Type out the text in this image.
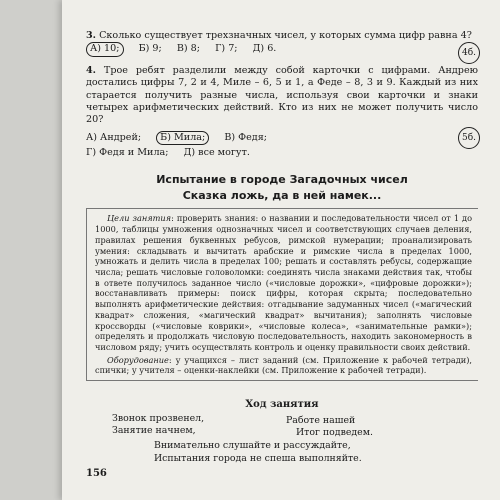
3. Сколько существует трехзначных чисел, у которых сумма цифр равна 4?

А) 10; Б) 9; В) 8; Г) 7; Д) 6.	4б.

4. Трое ребят разделили между собой карточки с цифрами. Андрею достались цифры 7, 2 и 4, Миле – 6, 5 и 1, а Феде – 8, 3 и 9. Каждый из них старается получить разные числа, используя свои карточки и знаки четырех арифметических действий. Кто из них не может получить число 20?

А) Андрей; Б) Мила; В) Федя;

Г) Федя и Мила; Д) все могут.

5б.
Испытание в городе Загадочных чисел
Сказка ложь, да в ней намек...

Цели занятия: проверить знания: о названии и последовательности чисел от 1 до 1000, таблицы умножения однозначных чисел и соответствующих случаев деления, правилах решения буквенных ребусов, римской нумерации; проанализировать умения: складывать и вычитать арабские и римские числа в пределах 1000, умножать и делить числа в пределах 100; решать и составлять ребусы, содержащие числа; решать числовые головоломки: соединять числа знаками действия так, чтобы в ответе получилось заданное число («числовые дорожки», «цифровые дорожки»); восстанавливать примеры: поиск цифры, которая скрыта; последовательно выполнять арифметические действия: отгадывание задуманных чисел («магический квадрат» сложения, «магический квадрат» вычитания); заполнять числовые кроссворды («числовые коврики», «числовые колеса», «занимательные рамки»); определять и продолжать числовую последовательность, находить закономерность в числовом ряду; учить осуществлять контроль и оценку правильности своих действий.

Оборудование: у учащихся – лист заданий (см. Приложение к рабочей тетради), спички; у учителя – оценки-наклейки (см. Приложение к рабочей тетради).

Ход занятия
Звонок прозвенел,	Работе нашей
Занятие начнем,	Итог подведем.
Внимательно слушайте и рассуждайте,
Испытания города не спеша выполняйте.
156
